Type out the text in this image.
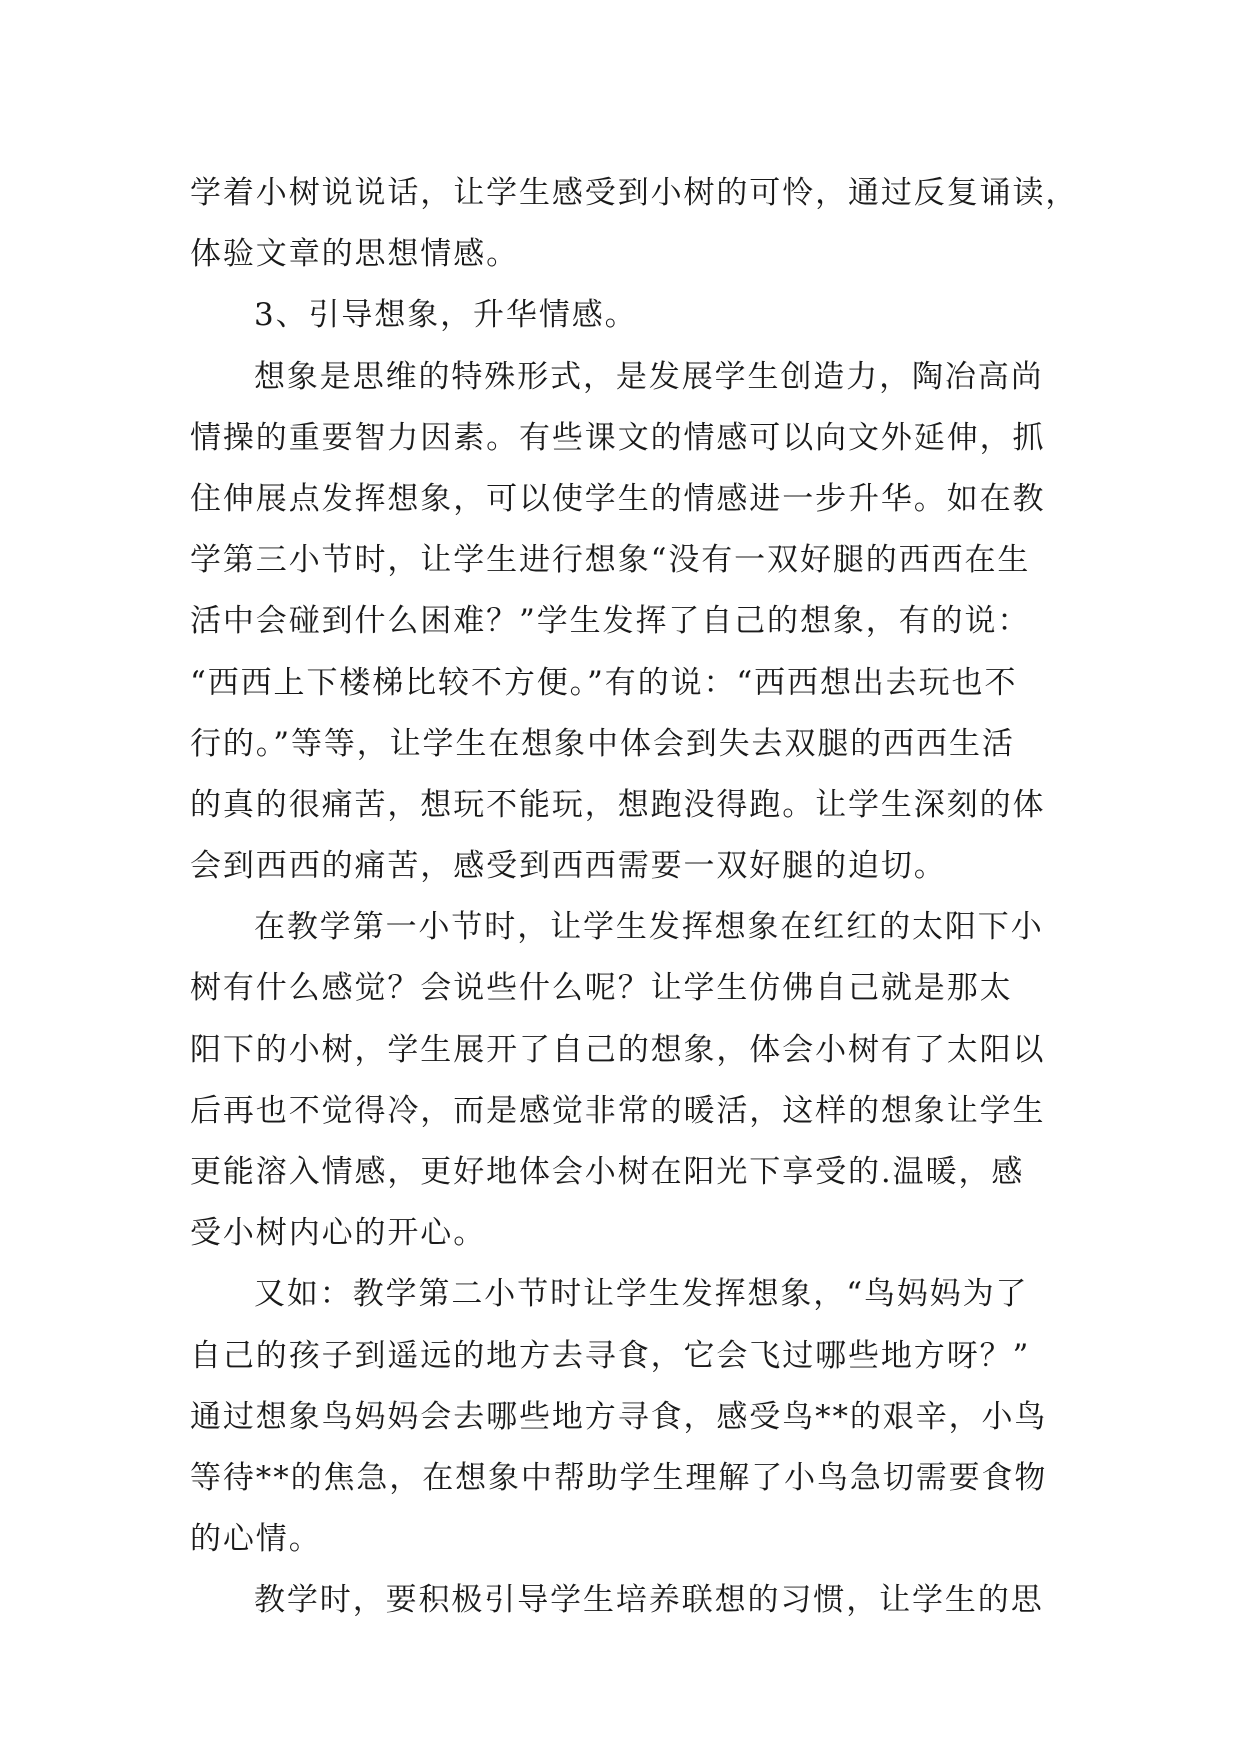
学着小树说说话，让学生感受到小树的可怜，通过反复诵读，
体验文章的思想情感。
3、引导想象，升华情感。
想象是思维的特殊形式，是发展学生创造力，陶冶高尚
情操的重要智力因素。有些课文的情感可以向文外延伸，抓
住伸展点发挥想象，可以使学生的情感进一步升华。如在教
学第三小节时，让学生进行想象“没有一双好腿的西西在生
活中会碰到什么困难？”学生发挥了自己的想象，有的说：
“西西上下楼梯比较不方便。”有的说：“西西想出去玩也不
行的。”等等，让学生在想象中体会到失去双腿的西西生活
的真的很痛苦，想玩不能玩，想跑没得跑。让学生深刻的体
会到西西的痛苦，感受到西西需要一双好腿的迫切。
在教学第一小节时，让学生发挥想象在红红的太阳下小
树有什么感觉？会说些什么呢？让学生仿佛自己就是那太
阳下的小树，学生展开了自己的想象，体会小树有了太阳以
后再也不觉得冷，而是感觉非常的暖活，这样的想象让学生
更能溶入情感，更好地体会小树在阳光下享受的.温暖，感
受小树内心的开心。
又如：教学第二小节时让学生发挥想象，“鸟妈妈为了
自己的孩子到遥远的地方去寻食，它会飞过哪些地方呀？”
通过想象鸟妈妈会去哪些地方寻食，感受鸟**的艰辛，小鸟
等待**的焦急，在想象中帮助学生理解了小鸟急切需要食物
的心情。
教学时，要积极引导学生培养联想的习惯，让学生的思
